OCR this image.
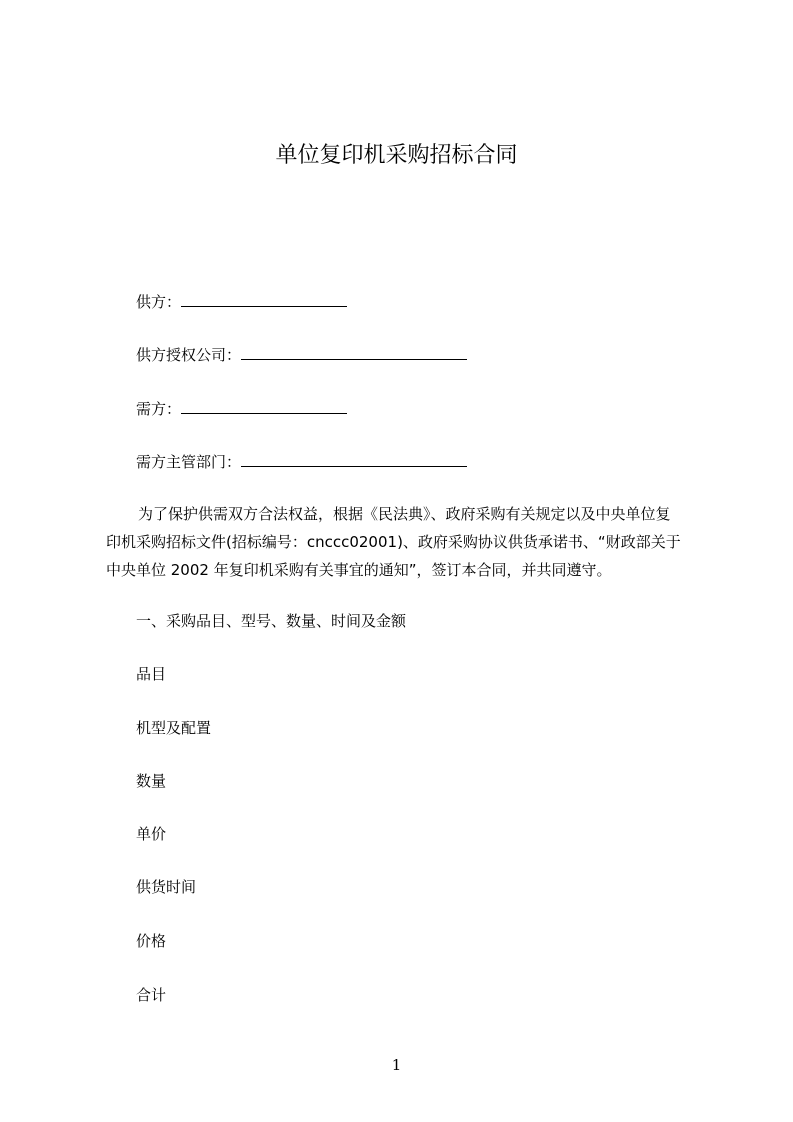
单位复印机采购招标合同
供方：
供方授权公司：
需方：
需方主管部门：

为了保护供需双方合法权益，根据《民法典》、政府采购有关规定以及中央单位复
印机采购招标文件(招标编号：cnccc02001)、政府采购协议供货承诺书、“财政部关于
中央单位 2002 年复印机采购有关事宜的通知”，签订本合同，并共同遵守。

一、采购品目、型号、数量、时间及金额

品目

机型及配置

数量

单价

供货时间

价格

合计

1
